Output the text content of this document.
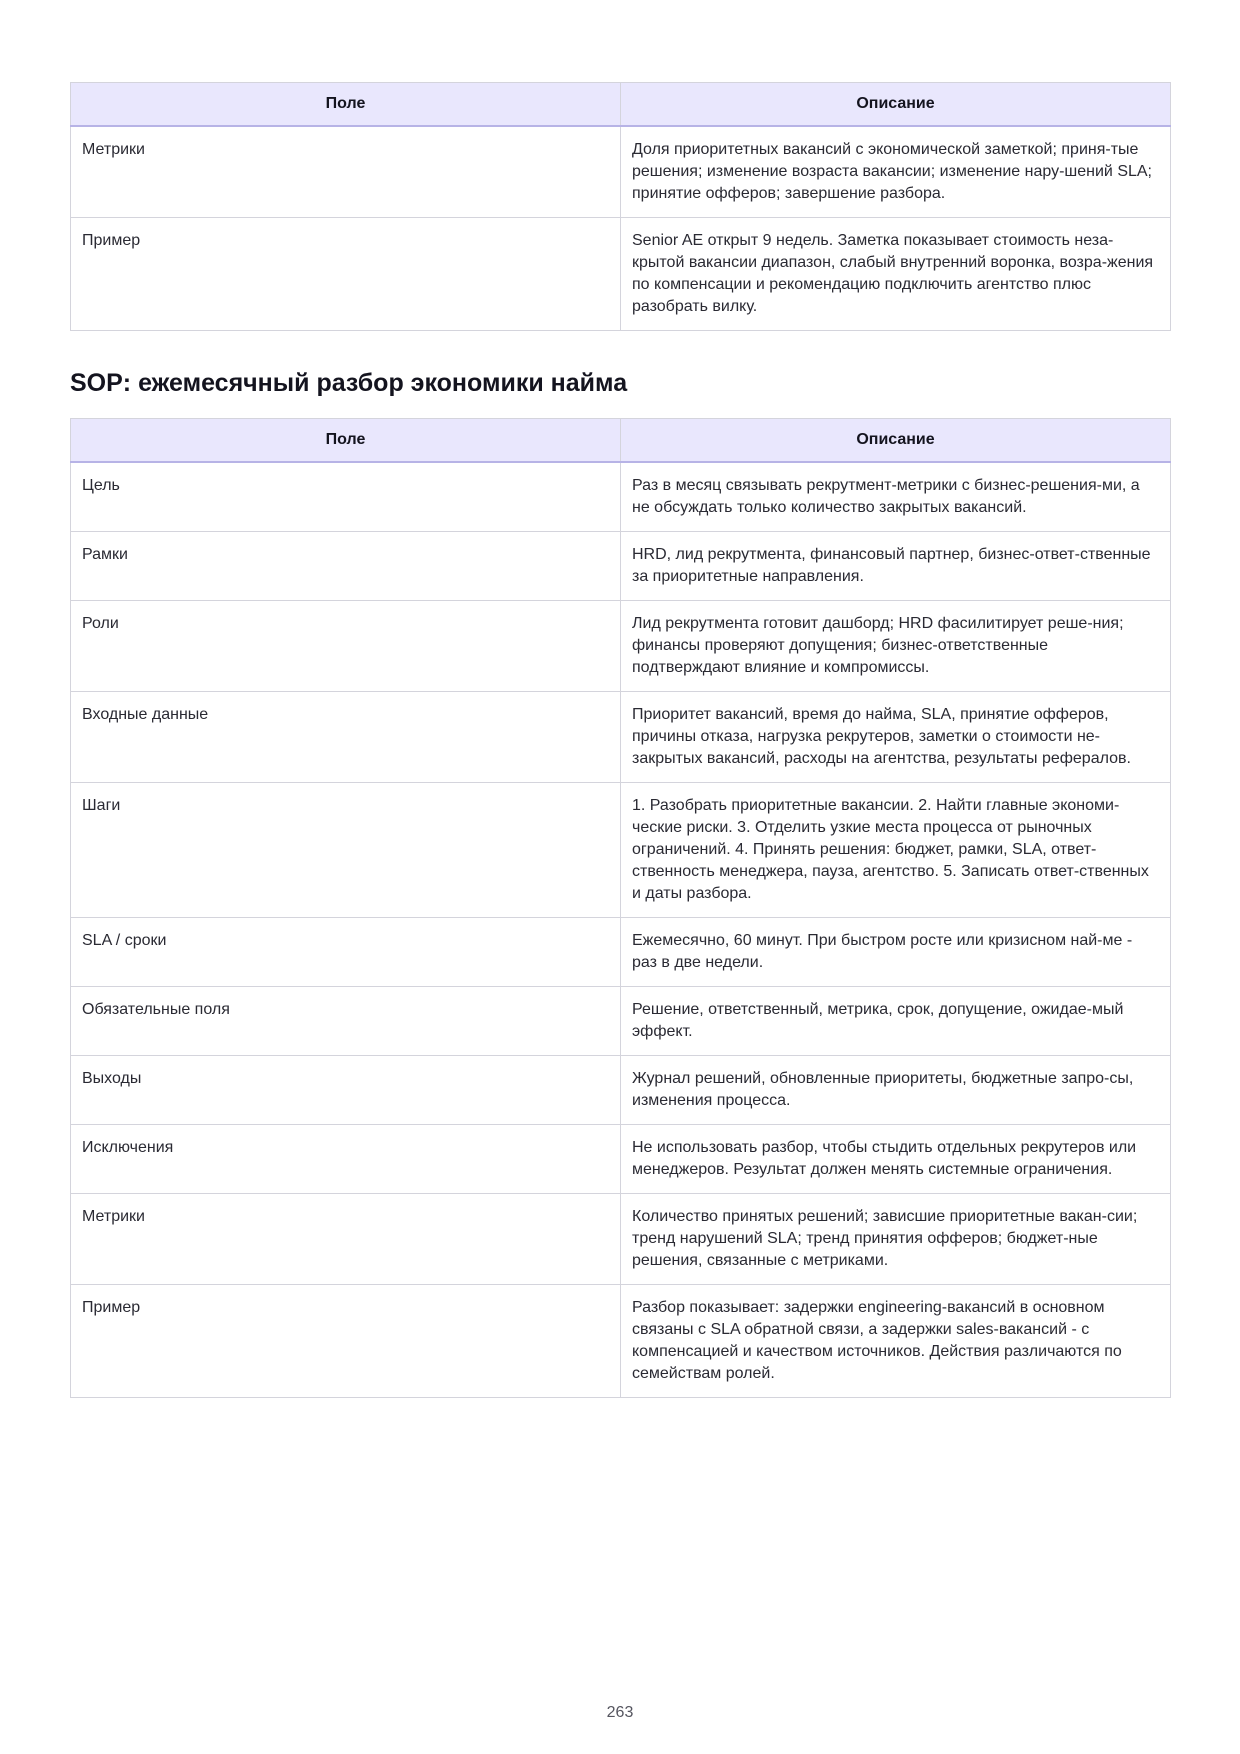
Поле	Описание
Метрики	Доля приоритетных вакансий с экономической заметкой; приня-тые решения; изменение возраста вакансии; изменение нару-шений SLA; принятие офферов; завершение разбора.
Пример	Senior AE открыт 9 недель. Заметка показывает стоимость неза-крытой вакансии диапазон, слабый внутренний воронка, возра-жения по компенсации и рекомендацию подключить агентство плюс разобрать вилку.
SOP: ежемесячный разбор экономики найма
Поле	Описание
Цель	Раз в месяц связывать рекрутмент-метрики с бизнес-решения-ми, а не обсуждать только количество закрытых вакансий.
Рамки	HRD, лид рекрутмента, финансовый партнер, бизнес-ответ-ственные за приоритетные направления.
Роли	Лид рекрутмента готовит дашборд; HRD фасилитирует реше-ния; финансы проверяют допущения; бизнес-ответственные подтверждают влияние и компромиссы.
Входные данные	Приоритет вакансий, время до найма, SLA, принятие офферов, причины отказа, нагрузка рекрутеров, заметки о стоимости не-закрытых вакансий, расходы на агентства, результаты рефералов.
Шаги	1. Разобрать приоритетные вакансии. 2. Найти главные экономи-ческие риски. 3. Отделить узкие места процесса от рыночных ограничений. 4. Принять решения: бюджет, рамки, SLA, ответ-ственность менеджера, пауза, агентство. 5. Записать ответ-ственных и даты разбора.
SLA / сроки	Ежемесячно, 60 минут. При быстром росте или кризисном най-ме - раз в две недели.
Обязательные поля	Решение, ответственный, метрика, срок, допущение, ожидае-мый эффект.
Выходы	Журнал решений, обновленные приоритеты, бюджетные запро-сы, изменения процесса.
Исключения	Не использовать разбор, чтобы стыдить отдельных рекрутеров или менеджеров. Результат должен менять системные ограничения.
Метрики	Количество принятых решений; зависшие приоритетные вакан-сии; тренд нарушений SLA; тренд принятия офферов; бюджет-ные решения, связанные с метриками.
Пример	Разбор показывает: задержки engineering-вакансий в основном связаны с SLA обратной связи, а задержки sales-вакансий - с компенсацией и качеством источников. Действия различаются по семействам ролей.
263
